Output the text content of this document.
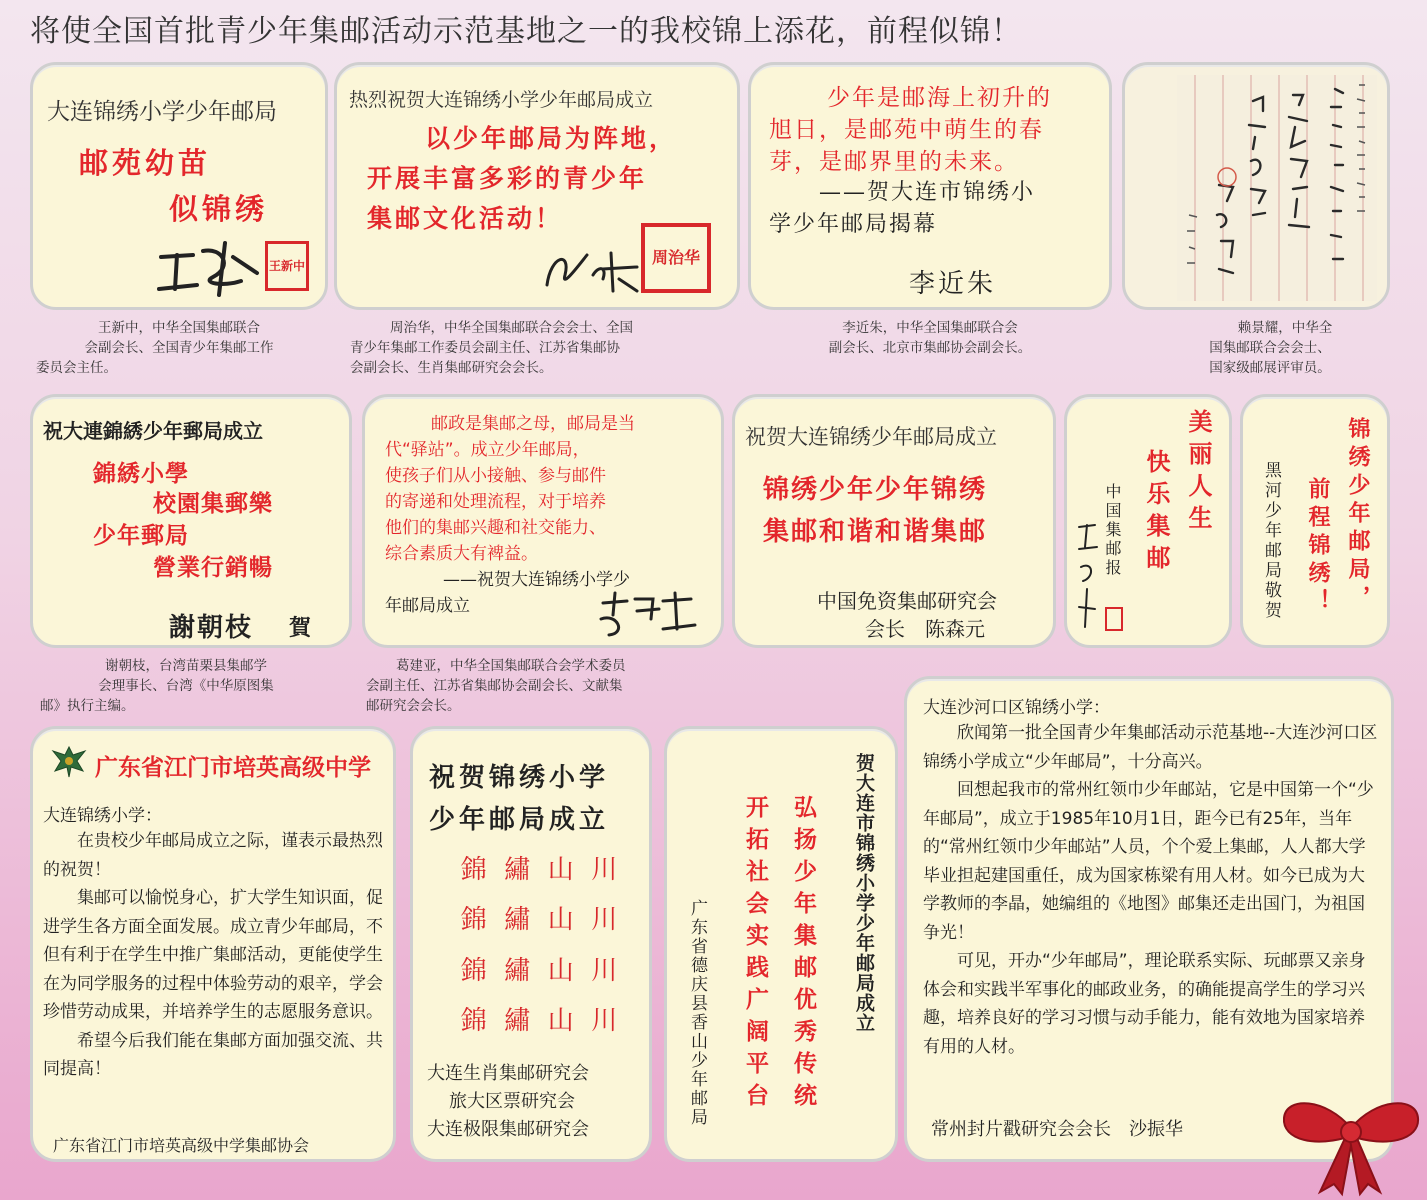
将使全国首批青少年集邮活动示范基地之一的我校锦上添花，前程似锦！
大连锦绣小学少年邮局
邮苑幼苗
似锦绣
王新中
王新中，中华全国集邮联合
会副会长、全国青少年集邮工作
委员会主任。
热烈祝贺大连锦绣小学少年邮局成立
以少年邮局为阵地，
开展丰富多彩的青少年
集邮文化活动！
周治华
周治华，中华全国集邮联合会会士、全国
青少年集邮工作委员会副主任、江苏省集邮协
会副会长、生肖集邮研究会会长。
少年是邮海上初升的
旭日，是邮苑中萌生的春
芽，是邮界里的未来。
——贺大连市锦绣小
学少年邮局揭幕
李近朱
李近朱，中华全国集邮联合会
副会长、北京市集邮协会副会长。
赖景耀，中华全
国集邮联合会会士、
国家级邮展评审员。
祝大連錦綉少年郵局成立
錦綉小學
校園集郵樂
少年郵局
營業行銷暢
謝朝枝 賀
谢朝枝，台湾苗栗县集邮学
会理事长、台湾《中华原图集
邮》执行主编。
邮政是集邮之母，邮局是当
代“驿站”。成立少年邮局，
使孩子们从小接触、参与邮件
的寄递和处理流程，对于培养
他们的集邮兴趣和社交能力、
综合素质大有裨益。
——祝贺大连锦绣小学少
年邮局成立
葛建亚，中华全国集邮联合会学术委员
会副主任、江苏省集邮协会副会长、文献集
邮研究会会长。
祝贺大连锦绣少年邮局成立
锦绣少年少年锦绣
集邮和谐和谐集邮
中国免资集邮研究会
会长　陈森元
美丽人生
快乐集邮
中国集邮报	锦绣少年邮局，
前程锦绣！
黑河少年邮局敬贺
广东省江门市培英高级中学
大连锦绣小学：

在贵校少年邮局成立之际，谨表示最热烈的祝贺！

集邮可以愉悦身心，扩大学生知识面，促进学生各方面全面发展。成立青少年邮局，不但有利于在学生中推广集邮活动，更能使学生在为同学服务的过程中体验劳动的艰辛，学会珍惜劳动成果，并培养学生的志愿服务意识。

希望今后我们能在集邮方面加强交流、共同提高！

广东省江门市培英高级中学集邮协会
祝贺锦绣小学
少年邮局成立
錦 繡 山 川
錦 繡 山 川
錦 繡 山 川
錦 繡 山 川
大连生肖集邮研究会
旅大区票研究会
大连极限集邮研究会
贺大连市锦绣小学少年邮局成立
弘扬少年集邮优秀传统
开拓社会实践广阔平台
广东省德庆县香山少年邮局
大连沙河口区锦绣小学：

欣闻第一批全国青少年集邮活动示范基地--大连沙河口区锦绣小学成立“少年邮局”，十分高兴。

回想起我市的常州红领巾少年邮站，它是中国第一个“少年邮局”，成立于1985年10月1日，距今已有25年，当年的“常州红领巾少年邮站”人员，个个爱上集邮，人人都大学毕业担起建国重任，成为国家栋梁有用人材。如今已成为大学教师的李晶，她编组的《地图》邮集还走出国门，为祖国争光！

可见，开办“少年邮局”，理论联系实际、玩邮票又亲身体会和实践半军事化的邮政业务，的确能提高学生的学习兴趣，培养良好的学习习惯与动手能力，能有效地为国家培养有用的人材。

常州封片戳研究会会长　沙振华
